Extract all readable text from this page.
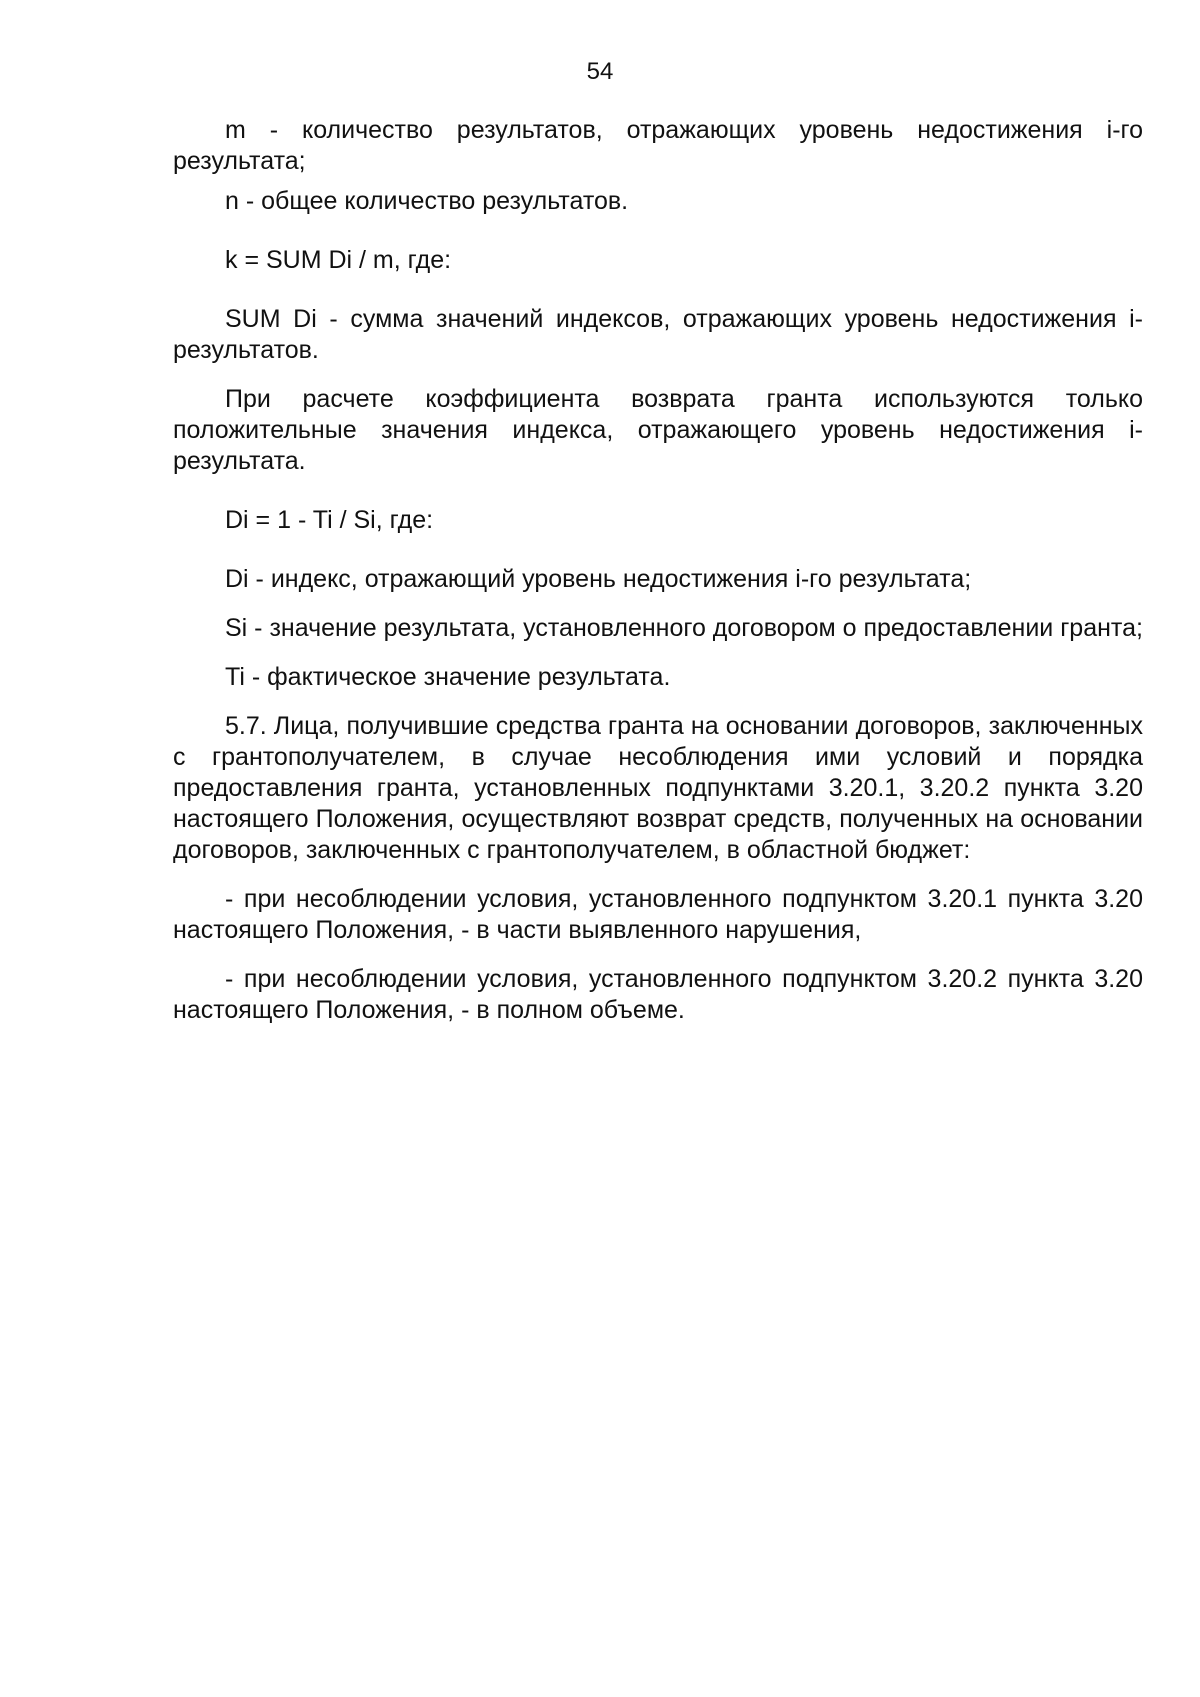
54

m - количество результатов, отражающих уровень недостижения i-го результата;

n - общее количество результатов.

k = SUM Di / m, где:

SUM Di - сумма значений индексов, отражающих уровень недостижения i-результатов.

При расчете коэффициента возврата гранта используются только положительные значения индекса, отражающего уровень недостижения i-результата.

Di = 1 - Ti / Si, где:

Di - индекс, отражающий уровень недостижения i-го результата;

Si - значение результата, установленного договором о предоставлении гранта;

Ti - фактическое значение результата.

5.7. Лица, получившие средства гранта на основании договоров, заключенных с грантополучателем, в случае несоблюдения ими условий и порядка предоставления гранта, установленных подпунктами 3.20.1, 3.20.2 пункта 3.20 настоящего Положения, осуществляют возврат средств, полученных на основании договоров, заключенных с грантополучателем, в областной бюджет:

- при несоблюдении условия, установленного подпунктом 3.20.1 пункта 3.20 настоящего Положения, - в части выявленного нарушения,

- при несоблюдении условия, установленного подпунктом 3.20.2 пункта 3.20 настоящего Положения, - в полном объеме.
